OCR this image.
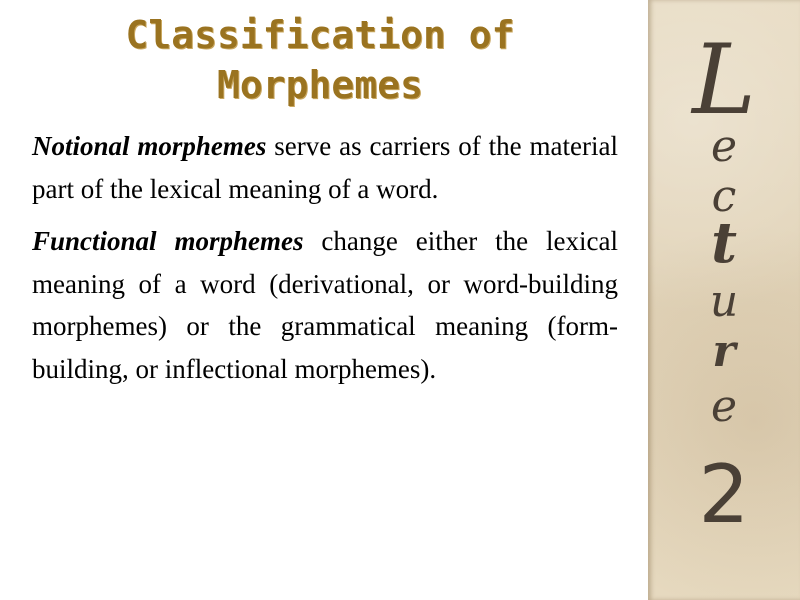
Classification of
Morphemes

Notional morphemes serve as carriers of the material part of the lexical meaning of a word.

Functional morphemes change either the lexical meaning of a word (derivational, or word-building morphemes) or the grammatical meaning (form-building, or inflectional morphemes).

L
e
c
t
u
r
e
2
